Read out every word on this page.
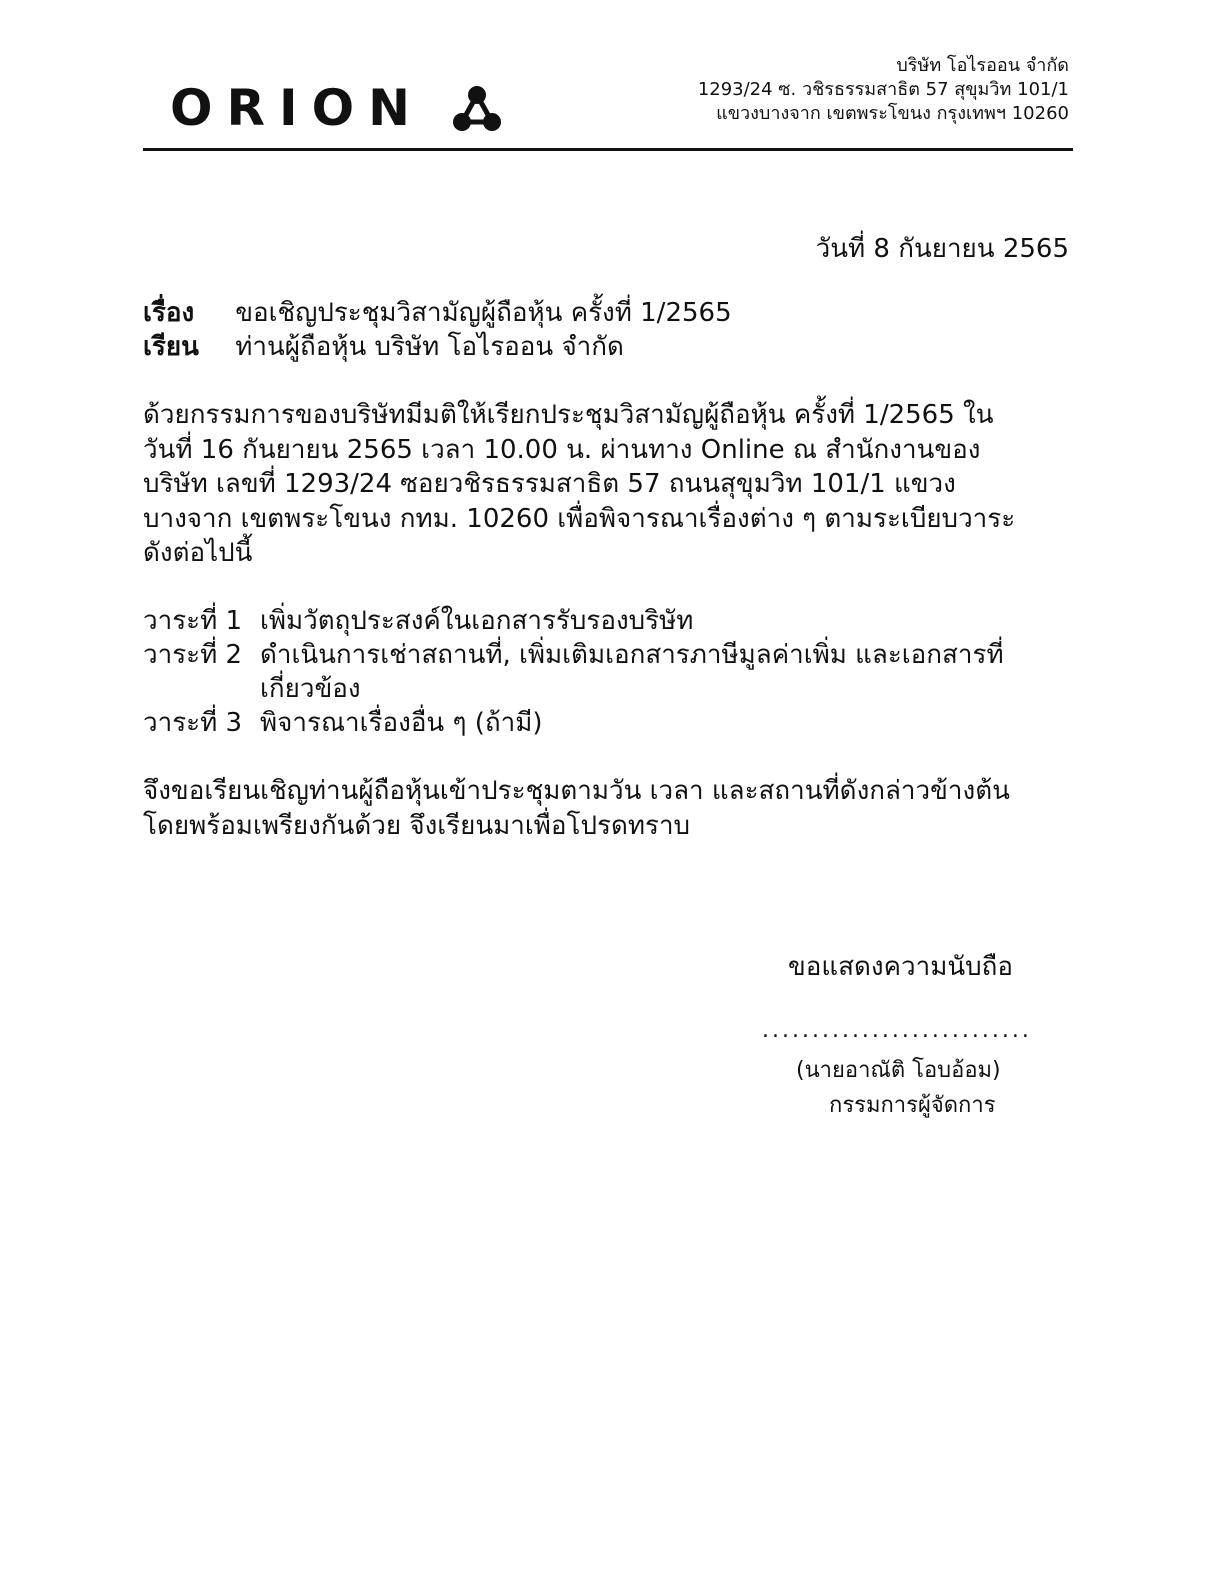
ORION
บริษัท โอไรออน จำกัด
1293/24 ซ. วชิรธรรมสาธิต 57 สุขุมวิท 101/1
แขวงบางจาก เขตพระโขนง กรุงเทพฯ 10260
วันที่ 8 กันยายน 2565
เรื่อง ขอเชิญประชุมวิสามัญผู้ถือหุ้น ครั้งที่ 1/2565
เรียน ท่านผู้ถือหุ้น บริษัท โอไรออน จำกัด
ด้วยกรรมการของบริษัทมีมติให้เรียกประชุมวิสามัญผู้ถือหุ้น ครั้งที่ 1/2565 ใน
วันที่ 16 กันยายน 2565 เวลา 10.00 น. ผ่านทาง Online ณ สำนักงานของ
บริษัท เลขที่ 1293/24 ซอยวชิรธรรมสาธิต 57 ถนนสุขุมวิท 101/1 แขวง
บางจาก เขตพระโขนง กทม. 10260 เพื่อพิจารณาเรื่องต่าง ๆ ตามระเบียบวาระ
ดังต่อไปนี้
วาระที่ 1 เพิ่มวัตถุประสงค์ในเอกสารรับรองบริษัท
วาระที่ 2 ดำเนินการเช่าสถานที่, เพิ่มเติมเอกสารภาษีมูลค่าเพิ่ม และเอกสารที่
เกี่ยวข้อง
วาระที่ 3 พิจารณาเรื่องอื่น ๆ (ถ้ามี)
จึงขอเรียนเชิญท่านผู้ถือหุ้นเข้าประชุมตามวัน เวลา และสถานที่ดังกล่าวข้างต้น
โดยพร้อมเพรียงกันด้วย จึงเรียนมาเพื่อโปรดทราบ
ขอแสดงความนับถือ
...........................
(นายอาณัติ โอบอ้อม)
กรรมการผู้จัดการ
